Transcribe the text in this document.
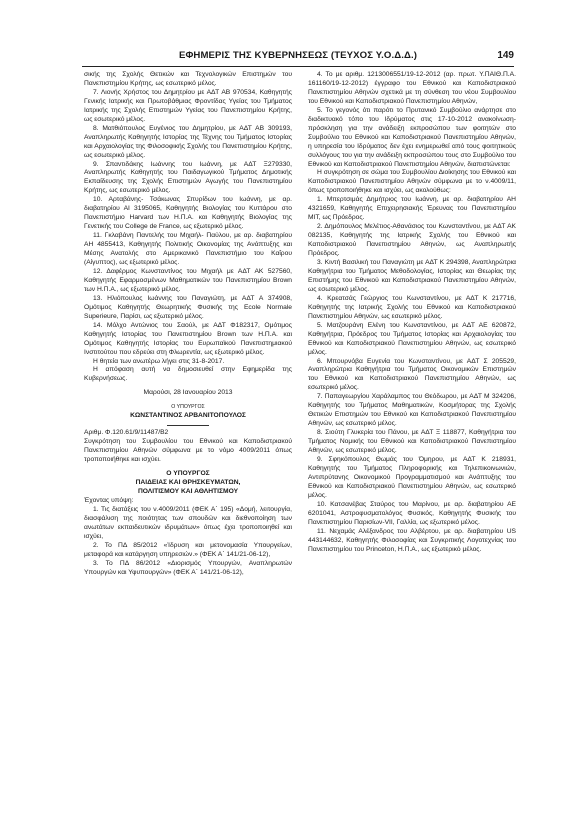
ΕΦΗΜΕΡΙΣ ΤΗΣ ΚΥΒΕΡΝΗΣΕΩΣ (ΤΕΥΧΟΣ Υ.Ο.Δ.Δ.)	149

σικής της Σχολής Θετικών και Τεχνολογικών Επιστημών του Πανεπιστημίου Κρήτης, ως εσωτερικό μέλος.

7. Λιονής Χρήστος του Δημητρίου με ΑΔΤ ΑΒ 970534, Καθηγητής Γενικής Ιατρικής και Πρωτοβάθμιας Φροντίδας Υγείας του Τμήματος Ιατρικής της Σχολής Επιστημών Υγείας του Πανεπιστημίου Κρήτης, ως εσωτερικό μέλος.

8. Ματθιόπουλος Ευγένιος του Δημητρίου, με ΑΔΤ ΑΒ 309193, Αναπληρωτής Καθηγητής Ιστορίας της Τέχνης του Τμήματος Ιστορίας και Αρχαιολογίας της Φιλοσοφικής Σχολής του Πανεπιστημίου Κρήτης, ως εσωτερικό μέλος.

9. Σπαντιδάκης Ιωάννης του Ιωάννη, με ΑΔΤ Ξ279330, Αναπληρωτής Καθηγητής του Παιδαγωγικού Τμήματος Δημοτικής Εκπαίδευσης της Σχολής Επιστημών Αγωγής του Πανεπιστημίου Κρήτης, ως εσωτερικό μέλος.

10. Αρταβάνης- Τσάκωνας Σπυρίδων του Ιωάννη, με αρ. διαβατηρίου ΑΙ 3195065, Καθηγητής Βιολογίας του Κυττάρου στο Πανεπιστήμιο Harvard των Η.Π.Α. και Καθηγητής Βιολογίας της Γενετικής του College de France, ως εξωτερικό μέλος.

11. Γκλαβάνη Παντελής του Μιχαήλ- Παύλου, με αρ. διαβατηρίου ΑΗ 4855413, Καθηγητής Πολιτικής Οικονομίας της Ανάπτυξης και Μέσης Ανατολής στο Αμερικανικό Πανεπιστήμιο του Καΐρου (Αίγυπτος), ως εξωτερικό μέλος.

12. Δαφέρμος Κωνσταντίνος του Μιχαήλ με ΑΔΤ ΑΚ 527560, Καθηγητής Εφαρμοσμένων Μαθηματικών του Πανεπιστημίου Brown των Η.Π.Α., ως εξωτερικό μέλος.

13. Ηλιόπουλος Ιωάννης του Παναγιώτη, με ΑΔΤ Α 374908, Ομότιμος Καθηγητής Θεωρητικής Φυσικής της Ecole Normale Superieure, Παρίσι, ως εξωτερικό μέλος.

14. Μόλχο Αντώνιος του Σαούλ, με ΑΔΤ Φ182317, Ομότιμος Καθηγητής Ιστορίας του Πανεπιστημίου Brown των Η.Π.Α. και Ομότιμος Καθηγητής Ιστορίας του Ευρωπαϊκού Πανεπιστημιακού Ινστιτούτου που εδρεύει στη Φλωρεντία, ως εξωτερικό μέλος.

Η θητεία των ανωτέρω λήγει στις 31-8-2017.

Η απόφαση αυτή να δημοσιευθεί στην Εφημερίδα της Κυβερνήσεως.

Μαρούσι, 28 Ιανουαρίου 2013

Ο ΥΠΟΥΡΓΟΣ

ΚΩΝΣΤΑΝΤΙΝΟΣ ΑΡΒΑΝΙΤΟΠΟΥΛΟΣ

Αριθμ. Φ.120.61/9/11487/Β2

Συγκρότηση του Συμβουλίου του Εθνικού και Καποδιστριακού Πανεπιστημίου Αθηνών σύμφωνα με το νόμο 4009/2011 όπως τροποποιήθηκε και ισχύει.

Ο ΥΠΟΥΡΓΟΣ

ΠΑΙΔΕΙΑΣ ΚΑΙ ΘΡΗΣΚΕΥΜΑΤΩΝ,

ΠΟΛΙΤΙΣΜΟΥ ΚΑΙ ΑΘΛΗΤΙΣΜΟΥ

Έχοντας υπόψη:

1. Τις διατάξεις του ν.4009/2011 (ΦΕΚ Α΄ 195) «Δομή, λειτουργία, διασφάλιση της ποιότητας των σπουδών και διεθνοποίηση των ανωτάτων εκπαιδευτικών ιδρυμάτων» όπως έχει τροποποιηθεί και ισχύει,

2. Το ΠΔ 85/2012 «Ίδρυση και μετονομασία Υπουργείων, μεταφορά και κατάργηση υπηρεσιών.» (ΦΕΚ Α΄ 141/21-06-12),

3. Το ΠΔ 86/2012 «Διορισμός Υπουργών, Αναπληρωτών Υπουργών και Υφυπουργών» (ΦΕΚ Α΄ 141/21-06-12),

4. Το με αριθμ. 1213006551/19-12-2012 (αρ. πρωτ. Υ.ΠΑΙΘ.Π.Α. 161160/19-12-2012) έγγραφο του Εθνικού και Καποδιστριακού Πανεπιστημίου Αθηνών σχετικά με τη σύνθεση του νέου Συμβουλίου του Εθνικού και Καποδιστριακού Πανεπιστημίου Αθηνών,

5. Το γεγονός ότι παρότι το Πρυτανικό Συμβούλιο ανάρτησε στο διαδικτυακό τόπο του Ιδρύματος στις 17-10-2012 ανακοίνωση- πρόσκληση για την ανάδειξη εκπροσώπου των φοιτητών στο Συμβούλιο του Εθνικού και Καποδιστριακού Πανεπιστημίου Αθηνών, η υπηρεσία του Ιδρύματος δεν έχει ενημερωθεί από τους φοιτητικούς συλλόγους του για την ανάδειξη εκπροσώπου τους στο Συμβούλιο του Εθνικού και Καποδιστριακού Πανεπιστημίου Αθηνών, διαπιστώνεται:

Η συγκρότηση σε σώμα του Συμβουλίου Διοίκησης του Εθνικού και Καποδιστριακού Πανεπιστημίου Αθηνών σύμφωνα με το ν.4009/11, όπως τροποποιήθηκε και ισχύει, ως ακολούθως:

1. Μπερτσιμάς Δημήτριος του Ιωάννη, με αρ. διαβατηρίου ΑΗ 4321659, Καθηγητής Επιχειρησιακής Έρευνας του Πανεπιστημίου MIT, ως Πρόεδρος.

2. Δημόπουλος Μελέτιος-Αθανάσιος του Κωνσταντίνου, με ΑΔΤ ΑΚ 082135, Καθηγητής της Ιατρικής Σχολής του Εθνικού και Καποδιστριακού Πανεπιστημίου Αθηνών, ως Αναπληρωτής Πρόεδρος.

3. Κιντή Βασιλική του Παναγιώτη με ΑΔΤ Κ 294398, Αναπληρώτρια Καθηγήτρια του Τμήματος Μεθοδολογίας, Ιστορίας και Θεωρίας της Επιστήμης του Εθνικού και Καποδιστριακού Πανεπιστημίου Αθηνών, ως εσωτερικό μέλος.

4. Κρεατσάς Γεώργιος του Κωνσταντίνου, με ΑΔΤ Κ 217716, Καθηγητής της Ιατρικής Σχολής του Εθνικού και Καποδιστριακού Πανεπιστημίου Αθηνών, ως εσωτερικό μέλος.

5. Ματζουράνη Ελένη του Κωνσταντίνου, με ΑΔΤ ΑΕ 620872, Καθηγήτρια, Πρόεδρος του Τμήματος Ιστορίας και Αρχαιολογίας του Εθνικού και Καποδιστριακού Πανεπιστημίου Αθηνών, ως εσωτερικό μέλος.

6. Μπουρνόβα Ευγενία του Κωνσταντίνου, με ΑΔΤ Σ 205529, Αναπληρώτρια Καθηγήτρια του Τμήματος Οικονομικών Επιστημών του Εθνικού και Καποδιστριακού Πανεπιστημίου Αθηνών, ως εσωτερικό μέλος.

7. Παπαγεωργίου Χαράλαμπος του Θεόδωρου, με ΑΔΤ Μ 324206, Καθηγητής του Τμήματος Μαθηματικών, Κοσμήτορας της Σχολής Θετικών Επιστημών του Εθνικού και Καποδιστριακού Πανεπιστημίου Αθηνών, ως εσωτερικό μέλος.

8. Σιούτη Γλυκερία του Πάνου, με ΑΔΤ Ξ 118877, Καθηγήτρια του Τμήματος Νομικής του Εθνικού και Καποδιστριακού Πανεπιστημίου Αθηνών, ως εσωτερικό μέλος.

9. Σφηκόπουλος Θωμάς του Όμηρου, με ΑΔΤ Κ 218931, Καθηγητής του Τμήματος Πληροφορικής και Τηλεπικοινωνιών, Αντιπρύτανης Οικονομικού Προγραμματισμού και Ανάπτυξης του Εθνικού και Καποδιστριακού Πανεπιστημίου Αθηνών, ως εσωτερικό μέλος.

10. Κατσανέβας Σταύρος του Μαρίνου, με αρ. διαβατηρίου ΑΕ 6201041, Αστροφυσματολόγος Φυσικός, Καθηγητής Φυσικής του Πανεπιστημίου Παρισίων-VII, Γαλλία, ως εξωτερικό μέλος.

11. Νεχαμάς Αλέξανδρος του Αλβέρτου, με αρ. διαβατηρίου US 443144632, Καθηγητής Φιλοσοφίας και Συγκριτικής Λογοτεχνίας του Πανεπιστημίου του Princeton, Η.Π.Α., ως εξωτερικό μέλος.
